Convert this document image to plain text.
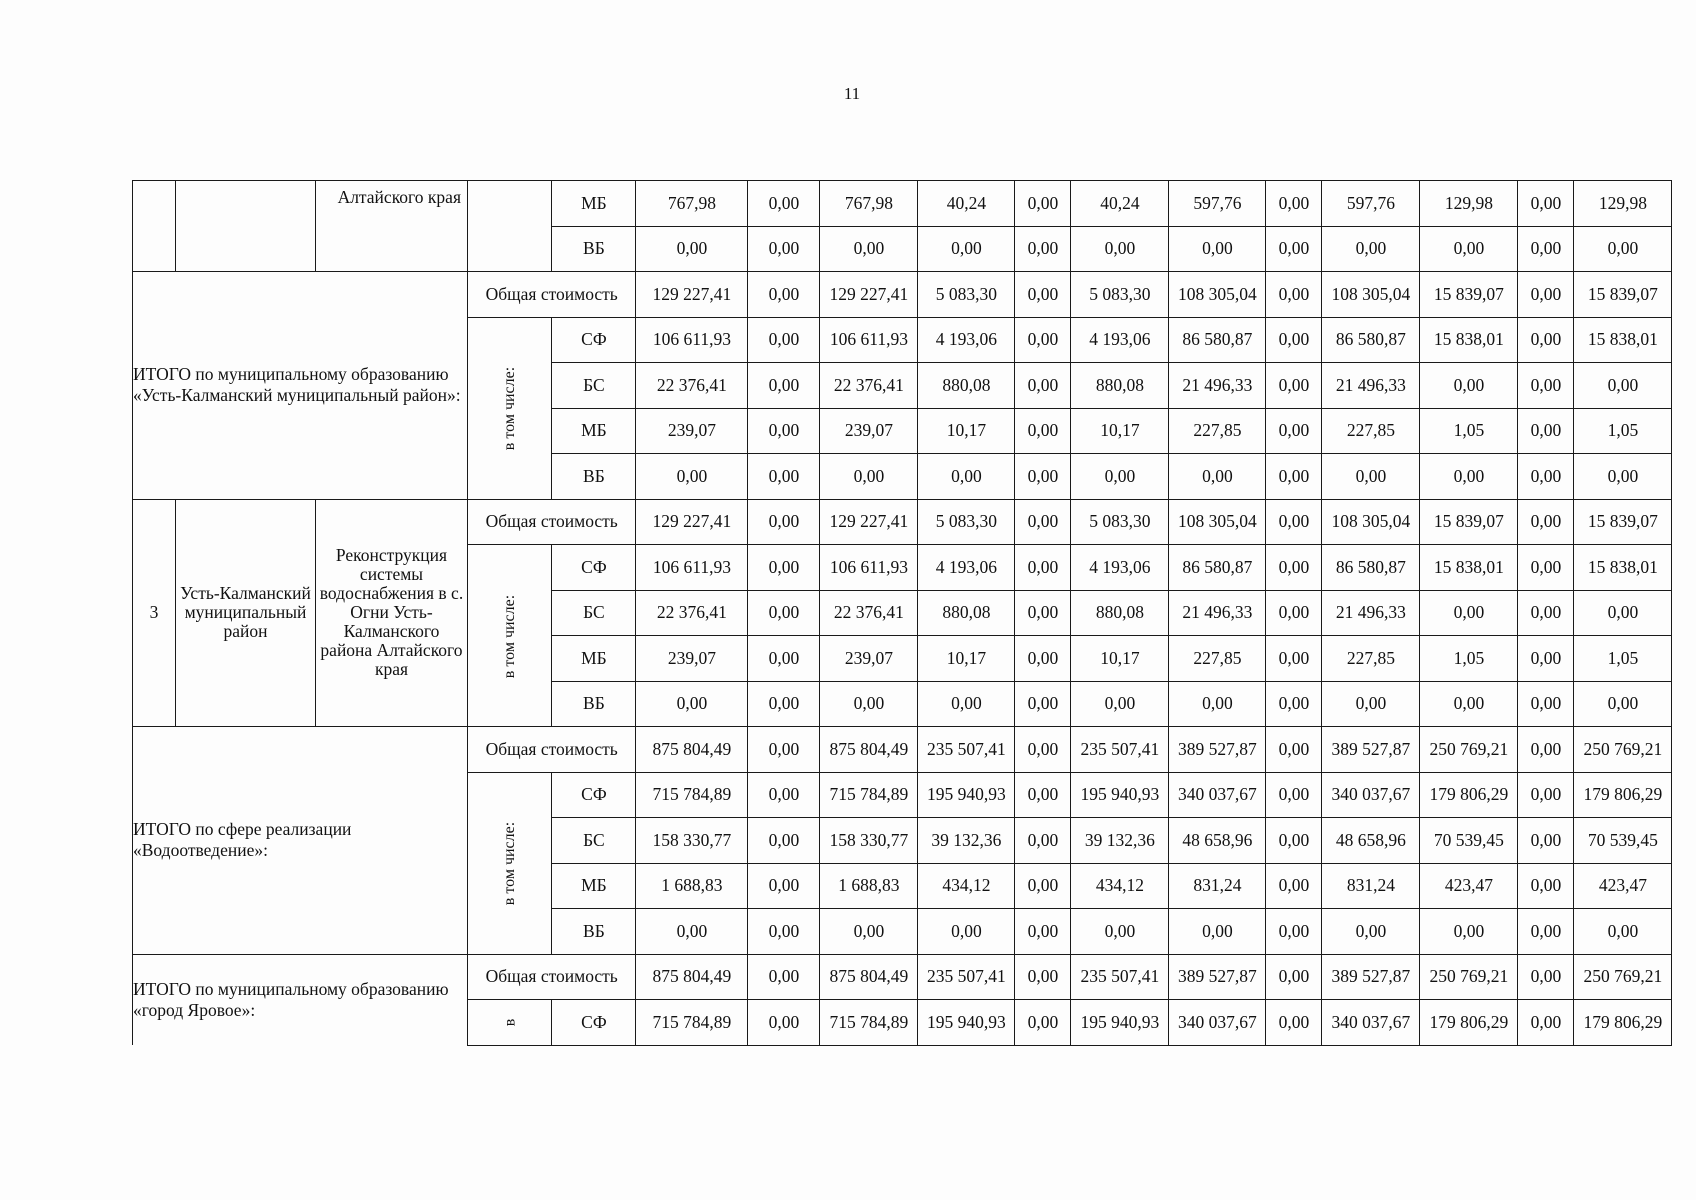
11
		Алтайского края		МБ	767,98	0,00	767,98	40,24	0,00	40,24	597,76	0,00	597,76	129,98	0,00	129,98
				ВБ	0,00	0,00	0,00	0,00	0,00	0,00	0,00	0,00	0,00	0,00	0,00	0,00
ИТОГО по муниципальному образованию «Усть-Калманский муниципальный район»:			Общая стоимость		129 227,41	0,00	129 227,41	5 083,30	0,00	5 083,30	108 305,04	0,00	108 305,04	15 839,07	0,00	15 839,07
			в том числе:	СФ	106 611,93	0,00	106 611,93	4 193,06	0,00	4 193,06	86 580,87	0,00	86 580,87	15 838,01	0,00	15 838,01
				БС	22 376,41	0,00	22 376,41	880,08	0,00	880,08	21 496,33	0,00	21 496,33	0,00	0,00	0,00
				МБ	239,07	0,00	239,07	10,17	0,00	10,17	227,85	0,00	227,85	1,05	0,00	1,05
				ВБ	0,00	0,00	0,00	0,00	0,00	0,00	0,00	0,00	0,00	0,00	0,00	0,00
3	Усть-Калманский муниципальный район	Реконструкция системы водоснабжения в с. Огни Усть-Калманского района Алтайского края	Общая стоимость		129 227,41	0,00	129 227,41	5 083,30	0,00	5 083,30	108 305,04	0,00	108 305,04	15 839,07	0,00	15 839,07
			в том числе:	СФ	106 611,93	0,00	106 611,93	4 193,06	0,00	4 193,06	86 580,87	0,00	86 580,87	15 838,01	0,00	15 838,01
				БС	22 376,41	0,00	22 376,41	880,08	0,00	880,08	21 496,33	0,00	21 496,33	0,00	0,00	0,00
				МБ	239,07	0,00	239,07	10,17	0,00	10,17	227,85	0,00	227,85	1,05	0,00	1,05
				ВБ	0,00	0,00	0,00	0,00	0,00	0,00	0,00	0,00	0,00	0,00	0,00	0,00
ИТОГО по сфере реализации «Водоотведение»:			Общая стоимость		875 804,49	0,00	875 804,49	235 507,41	0,00	235 507,41	389 527,87	0,00	389 527,87	250 769,21	0,00	250 769,21
			в том числе:	СФ	715 784,89	0,00	715 784,89	195 940,93	0,00	195 940,93	340 037,67	0,00	340 037,67	179 806,29	0,00	179 806,29
				БС	158 330,77	0,00	158 330,77	39 132,36	0,00	39 132,36	48 658,96	0,00	48 658,96	70 539,45	0,00	70 539,45
				МБ	1 688,83	0,00	1 688,83	434,12	0,00	434,12	831,24	0,00	831,24	423,47	0,00	423,47
				ВБ	0,00	0,00	0,00	0,00	0,00	0,00	0,00	0,00	0,00	0,00	0,00	0,00
ИТОГО по муниципальному образованию «город Яровое»:			Общая стоимость		875 804,49	0,00	875 804,49	235 507,41	0,00	235 507,41	389 527,87	0,00	389 527,87	250 769,21	0,00	250 769,21
			в	СФ	715 784,89	0,00	715 784,89	195 940,93	0,00	195 940,93	340 037,67	0,00	340 037,67	179 806,29	0,00	179 806,29
